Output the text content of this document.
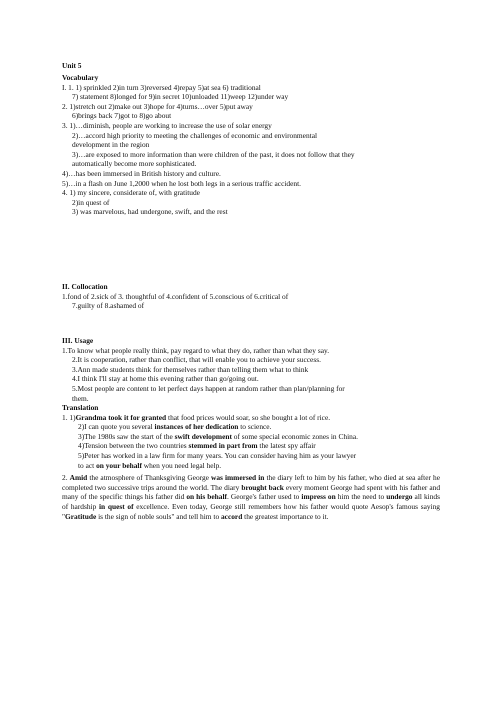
Unit 5
Vocabulary
I. 1. 1) sprinkled 2)in turn 3)reversed 4)repay 5)at sea 6) traditional
7) statement 8)longed for 9)in secret 10)unloaded 11)weep 12)under way
2. 1)stretch out 2)make out 3)hope for 4)turns…over 5)put away
6)brings back 7)got to 8)go about
3. 1)…diminish, people are working to increase the use of solar energy
2)…accord high priority to meeting the challenges of economic and environmental
development in the region
3)…are exposed to more information than were children of the past, it does not follow that they
automatically become more sophisticated.
4)…has been immersed in British history and culture.
5)…in a flash on June 1,2000 when he lost both legs in a serious traffic accident.
4. 1) my sincere, considerate of, with gratitude
2)in quest of
3) was marvelous, had undergone, swift, and the rest
II. Collocation
1.fond of 2.sick of 3. thoughtful of 4.confident of 5.conscious of 6.critical of
7.guilty of 8.ashamed of
III. Usage
1.To know what people really think, pay regard to what they do, rather than what they say.
2.It is cooperation, rather than conflict, that will enable you to achieve your success.
3.Ann made students think for themselves rather than telling them what to think
4.I think I'll stay at home this evening rather than go/going out.
5.Most people are content to let perfect days happen at random rather than plan/planning for
them.
Translation
1. 1)Grandma took it for granted that food prices would soar, so she bought a lot of rice.
2)I can quote you several instances of her dedication to science.
3)The 1980s saw the start of the swift development of some special economic zones in China.
4)Tension between the two countries stemmed in part from the latest spy affair
5)Peter has worked in a law firm for many years. You can consider having him as your lawyer
to act on your behalf when you need legal help.
2. Amid the atmosphere of Thanksgiving George was immersed in the diary left to him by his father, who died at sea after he completed two successive trips around the world. The diary brought back every moment George had spent with his father and many of the specific things his father did on his behalf. George's father used to impress on him the need to undergo all kinds of hardship in quest of excellence. Even today, George still remembers how his father would quote Aesop's famous saying "Gratitude is the sign of noble souls" and tell him to accord the greatest importance to it.
